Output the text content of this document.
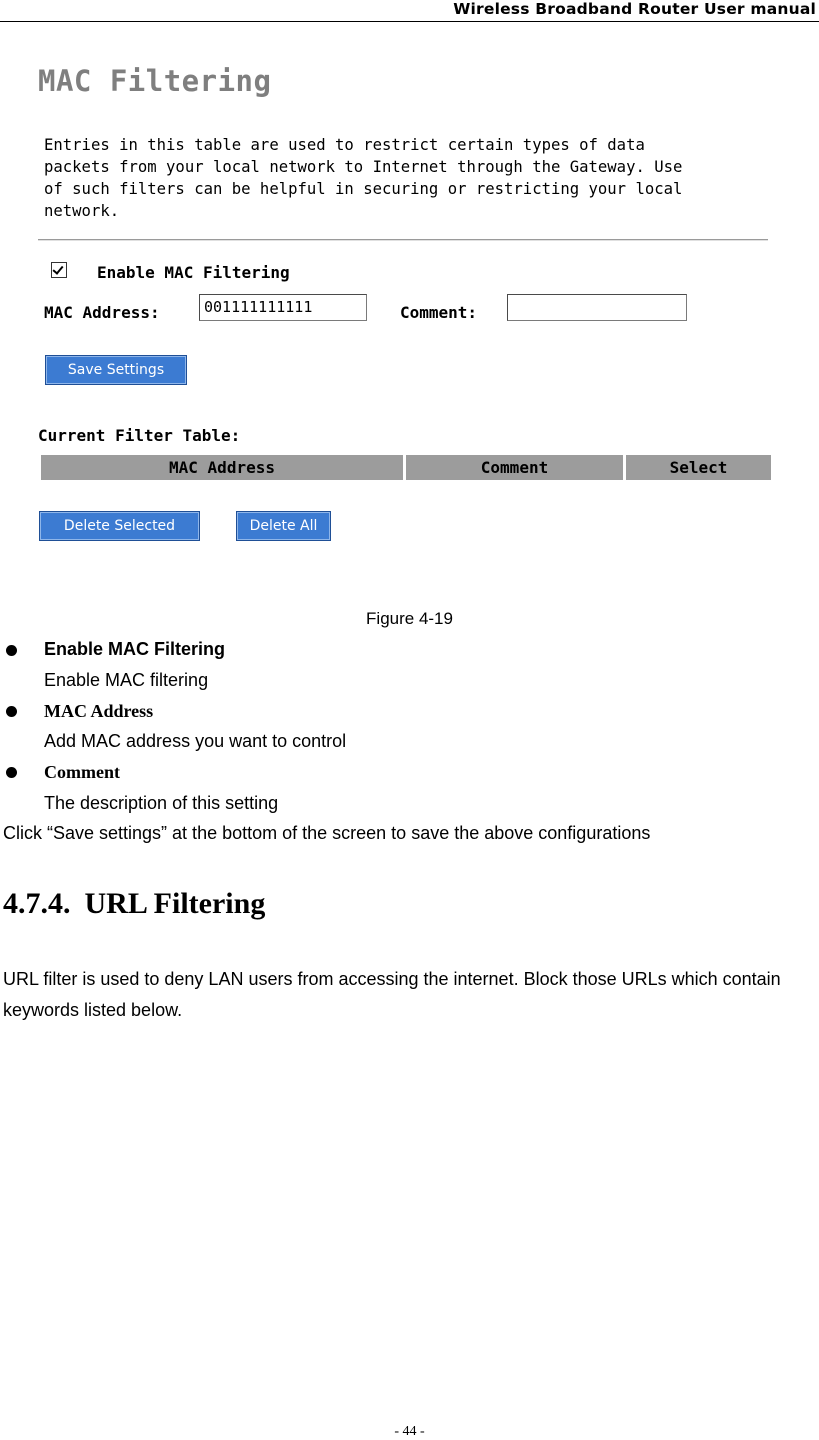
Wireless Broadband Router User manual
MAC Filtering
Entries in this table are used to restrict certain types of data
packets from your local network to Internet through the Gateway. Use
of such filters can be helpful in securing or restricting your local
network.
Enable MAC Filtering
MAC Address:	001111111111	Comment:
Save Settings
Current Filter Table:
MAC Address	Comment	Select
Delete Selected	Delete All
Figure 4-19
Enable MAC Filtering
Enable MAC filtering
MAC Address
Add MAC address you want to control
Comment
The description of this setting
Click “Save settings” at the bottom of the screen to save the above configurations
4.7.4. URL Filtering
URL filter is used to deny LAN users from accessing the internet. Block those URLs which contain keywords listed below.
- 44 -
